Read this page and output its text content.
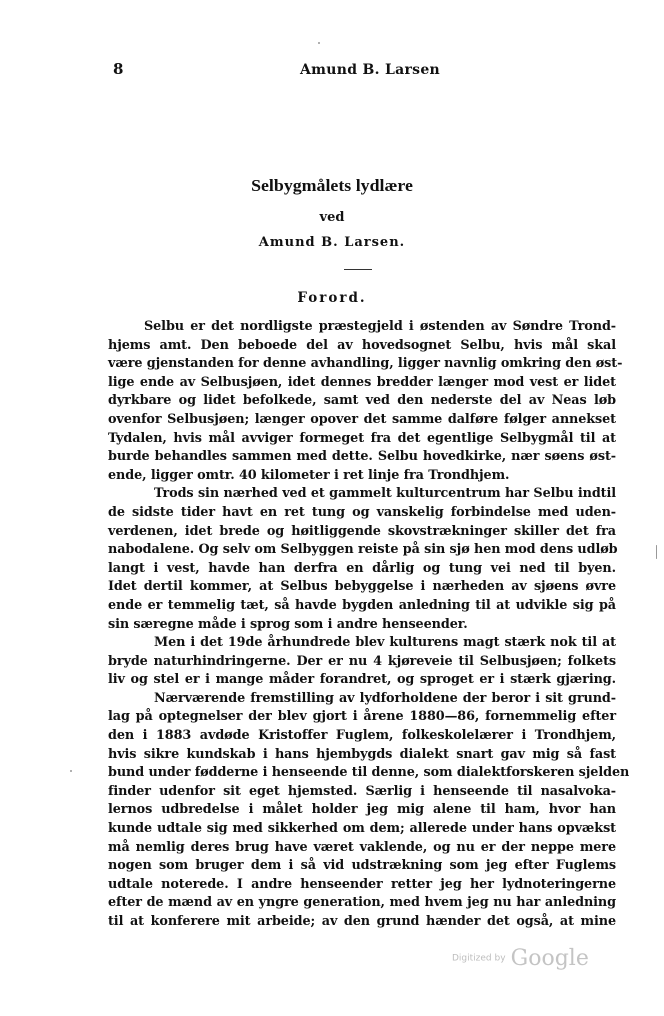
8	Amund B. Larsen
Selbygmålets lydlære
ved
Amund B. Larsen.
Forord.
Selbu er det nordligste præstegjeld i østenden av Søndre Trond-
hjems amt. Den beboede del av hovedsognet Selbu, hvis mål skal
være gjenstanden for denne avhandling, ligger navnlig omkring den øst-
lige ende av Selbusjøen, idet dennes bredder længer mod vest er lidet
dyrkbare og lidet befolkede, samt ved den nederste del av Neas løb
ovenfor Selbusjøen; længer opover det samme dalføre følger annekset
Tydalen, hvis mål avviger formeget fra det egentlige Selbygmål til at
burde behandles sammen med dette. Selbu hovedkirke, nær søens øst-
ende, ligger omtr. 40 kilometer i ret linje fra Trondhjem.
Trods sin nærhed ved et gammelt kulturcentrum har Selbu indtil
de sidste tider havt en ret tung og vanskelig forbindelse med uden-
verdenen, idet brede og høitliggende skovstrækninger skiller det fra
nabodalene. Og selv om Selbyggen reiste på sin sjø hen mod dens udløb
langt i vest, havde han derfra en dårlig og tung vei ned til byen.
Idet dertil kommer, at Selbus bebyggelse i nærheden av sjøens øvre
ende er temmelig tæt, så havde bygden anledning til at udvikle sig på
sin særegne måde i sprog som i andre henseender.
Men i det 19de århundrede blev kulturens magt stærk nok til at
bryde naturhindringerne. Der er nu 4 kjøreveie til Selbusjøen; folkets
liv og stel er i mange måder forandret, og sproget er i stærk gjæring.
Nærværende fremstilling av lydforholdene der beror i sit grund-
lag på optegnelser der blev gjort i årene 1880—86, fornemmelig efter
den i 1883 avdøde Kristoffer Fuglem, folkeskolelærer i Trondhjem,
hvis sikre kundskab i hans hjembygds dialekt snart gav mig så fast
bund under fødderne i henseende til denne, som dialektforskeren sjelden
finder udenfor sit eget hjemsted. Særlig i henseende til nasalvoka-
lernos udbredelse i målet holder jeg mig alene til ham, hvor han
kunde udtale sig med sikkerhed om dem; allerede under hans opvækst
må nemlig deres brug have været vaklende, og nu er der neppe mere
nogen som bruger dem i så vid udstrækning som jeg efter Fuglems
udtale noterede. I andre henseender retter jeg her lydnoteringerne
efter de mænd av en yngre generation, med hvem jeg nu har anledning
til at konferere mit arbeide; av den grund hænder det også, at mine
Digitized by Google
